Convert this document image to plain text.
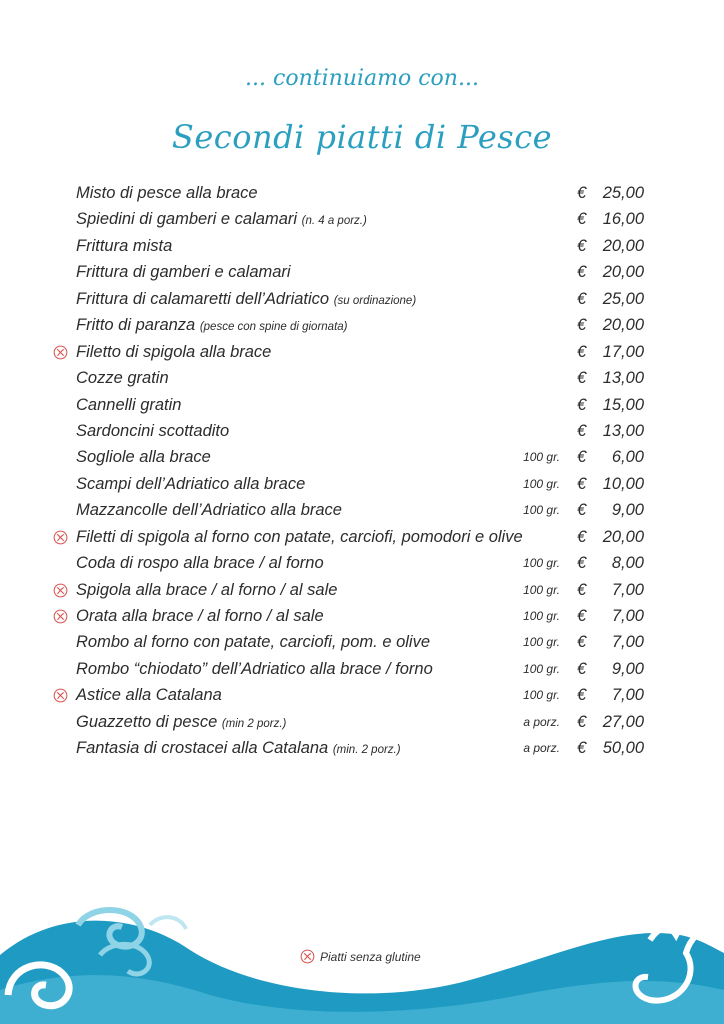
... continuiamo con...
Secondi piatti di Pesce
Misto di pesce alla brace	€	25,00
Spiedini di gamberi e calamari (n. 4 a porz.)	€	16,00
Frittura mista	€	20,00
Frittura di gamberi e calamari	€	20,00
Frittura di calamaretti dell’Adriatico (su ordinazione)	€	25,00
Fritto di paranza (pesce con spine di giornata)	€	20,00
Filetto di spigola alla brace	€	17,00
Cozze gratin	€	13,00
Cannelli gratin	€	15,00
Sardoncini scottadito	€	13,00
Sogliole alla brace	100 gr. €	6,00
Scampi dell’Adriatico alla brace	100 gr. €	10,00
Mazzancolle dell’Adriatico alla brace	100 gr. €	9,00
Filetti di spigola al forno con patate, carciofi, pomodori e olive	€	20,00
Coda di rospo alla brace / al forno	100 gr. €	8,00
Spigola alla brace / al forno / al sale	100 gr. €	7,00
Orata alla brace / al forno / al sale	100 gr. €	7,00
Rombo al forno con patate, carciofi, pom. e olive	100 gr. €	7,00
Rombo “chiodato” dell’Adriatico alla brace / forno	100 gr. €	9,00
Astice alla Catalana	100 gr. €	7,00
Guazzetto di pesce (min 2 porz.)	a porz. €	27,00
Fantasia di crostacei alla Catalana (min. 2 porz.)	a porz. €	50,00
Piatti senza glutine
